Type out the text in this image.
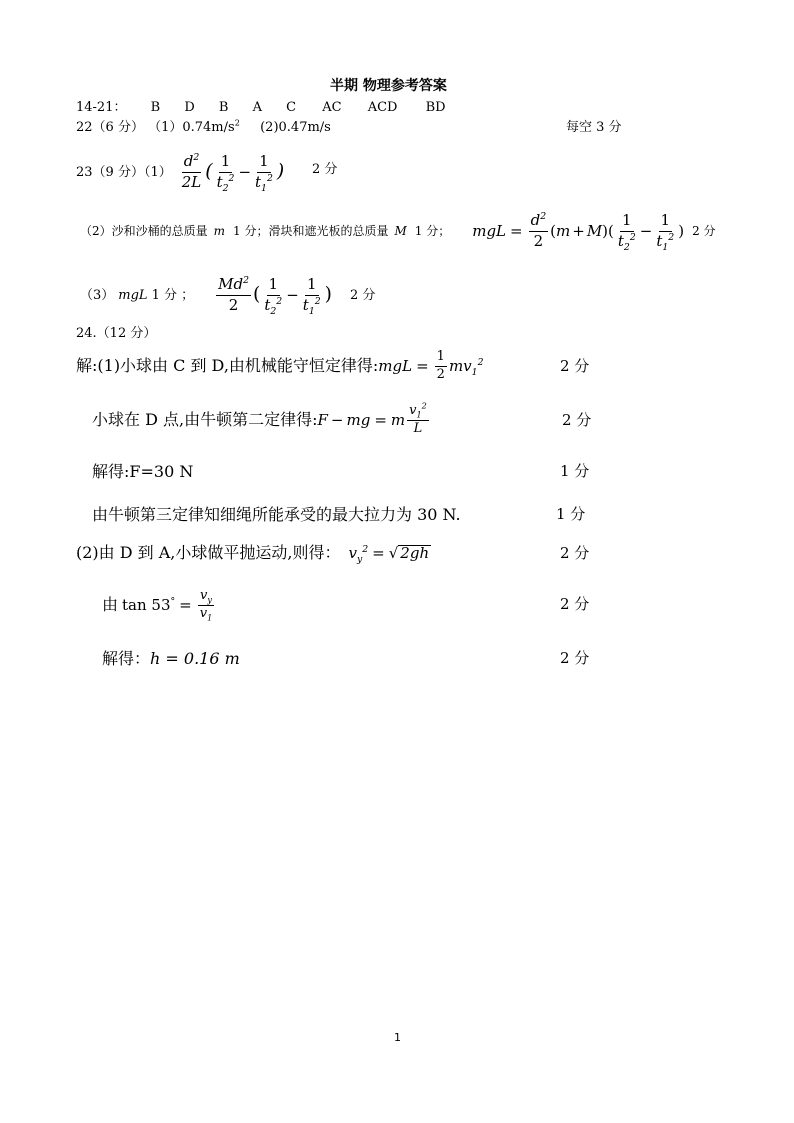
半期 物理参考答案
14-21： B D B A C AC ACD BD
22（6 分） $(1)0.74m/s^2$ (2)0.47m/s	每空 3 分
23（9 分）$(1) \frac{d^2}{2L}$ ( $\frac{1}{t_2^2} - \frac{1}{t_1^2}$ ) 2 分
（2）沙和沙桶的总质量 m 1 分；滑块和遮光板的总质量 M 1 分； mgL = $\frac{d^2}{2}$ ( m + M )( $\frac{1}{t_2^2} - \frac{1}{t_1^2}$ ) 2 分
（3） mgL 1 分 ； $\frac{Md^2}{2}$ ( $\frac{1}{t_2^2} - \frac{1}{t_1^2}$ ) 2 分
24.（12 分）
解:(1)小球由 C 到 D,由机械能守恒定律得: mgL = $\frac{1}{2} mv_1^2$	2 分
小球在 D 点,由牛顿第二定律得: F − mg = m $\frac{v_1^2}{L}$	2 分
解得:F=30 N	1 分
由牛顿第三定律知细绳所能承受的最大拉力为 30 N.	1 分
(2)由 D 到 A,小球做平抛运动,则得： $v_y^2$ = √ 2gh	2 分
由 $\tan 53^\circ = \frac{v_y}{v_1}$	2 分
解得：h = 0.16 m	2 分
1
